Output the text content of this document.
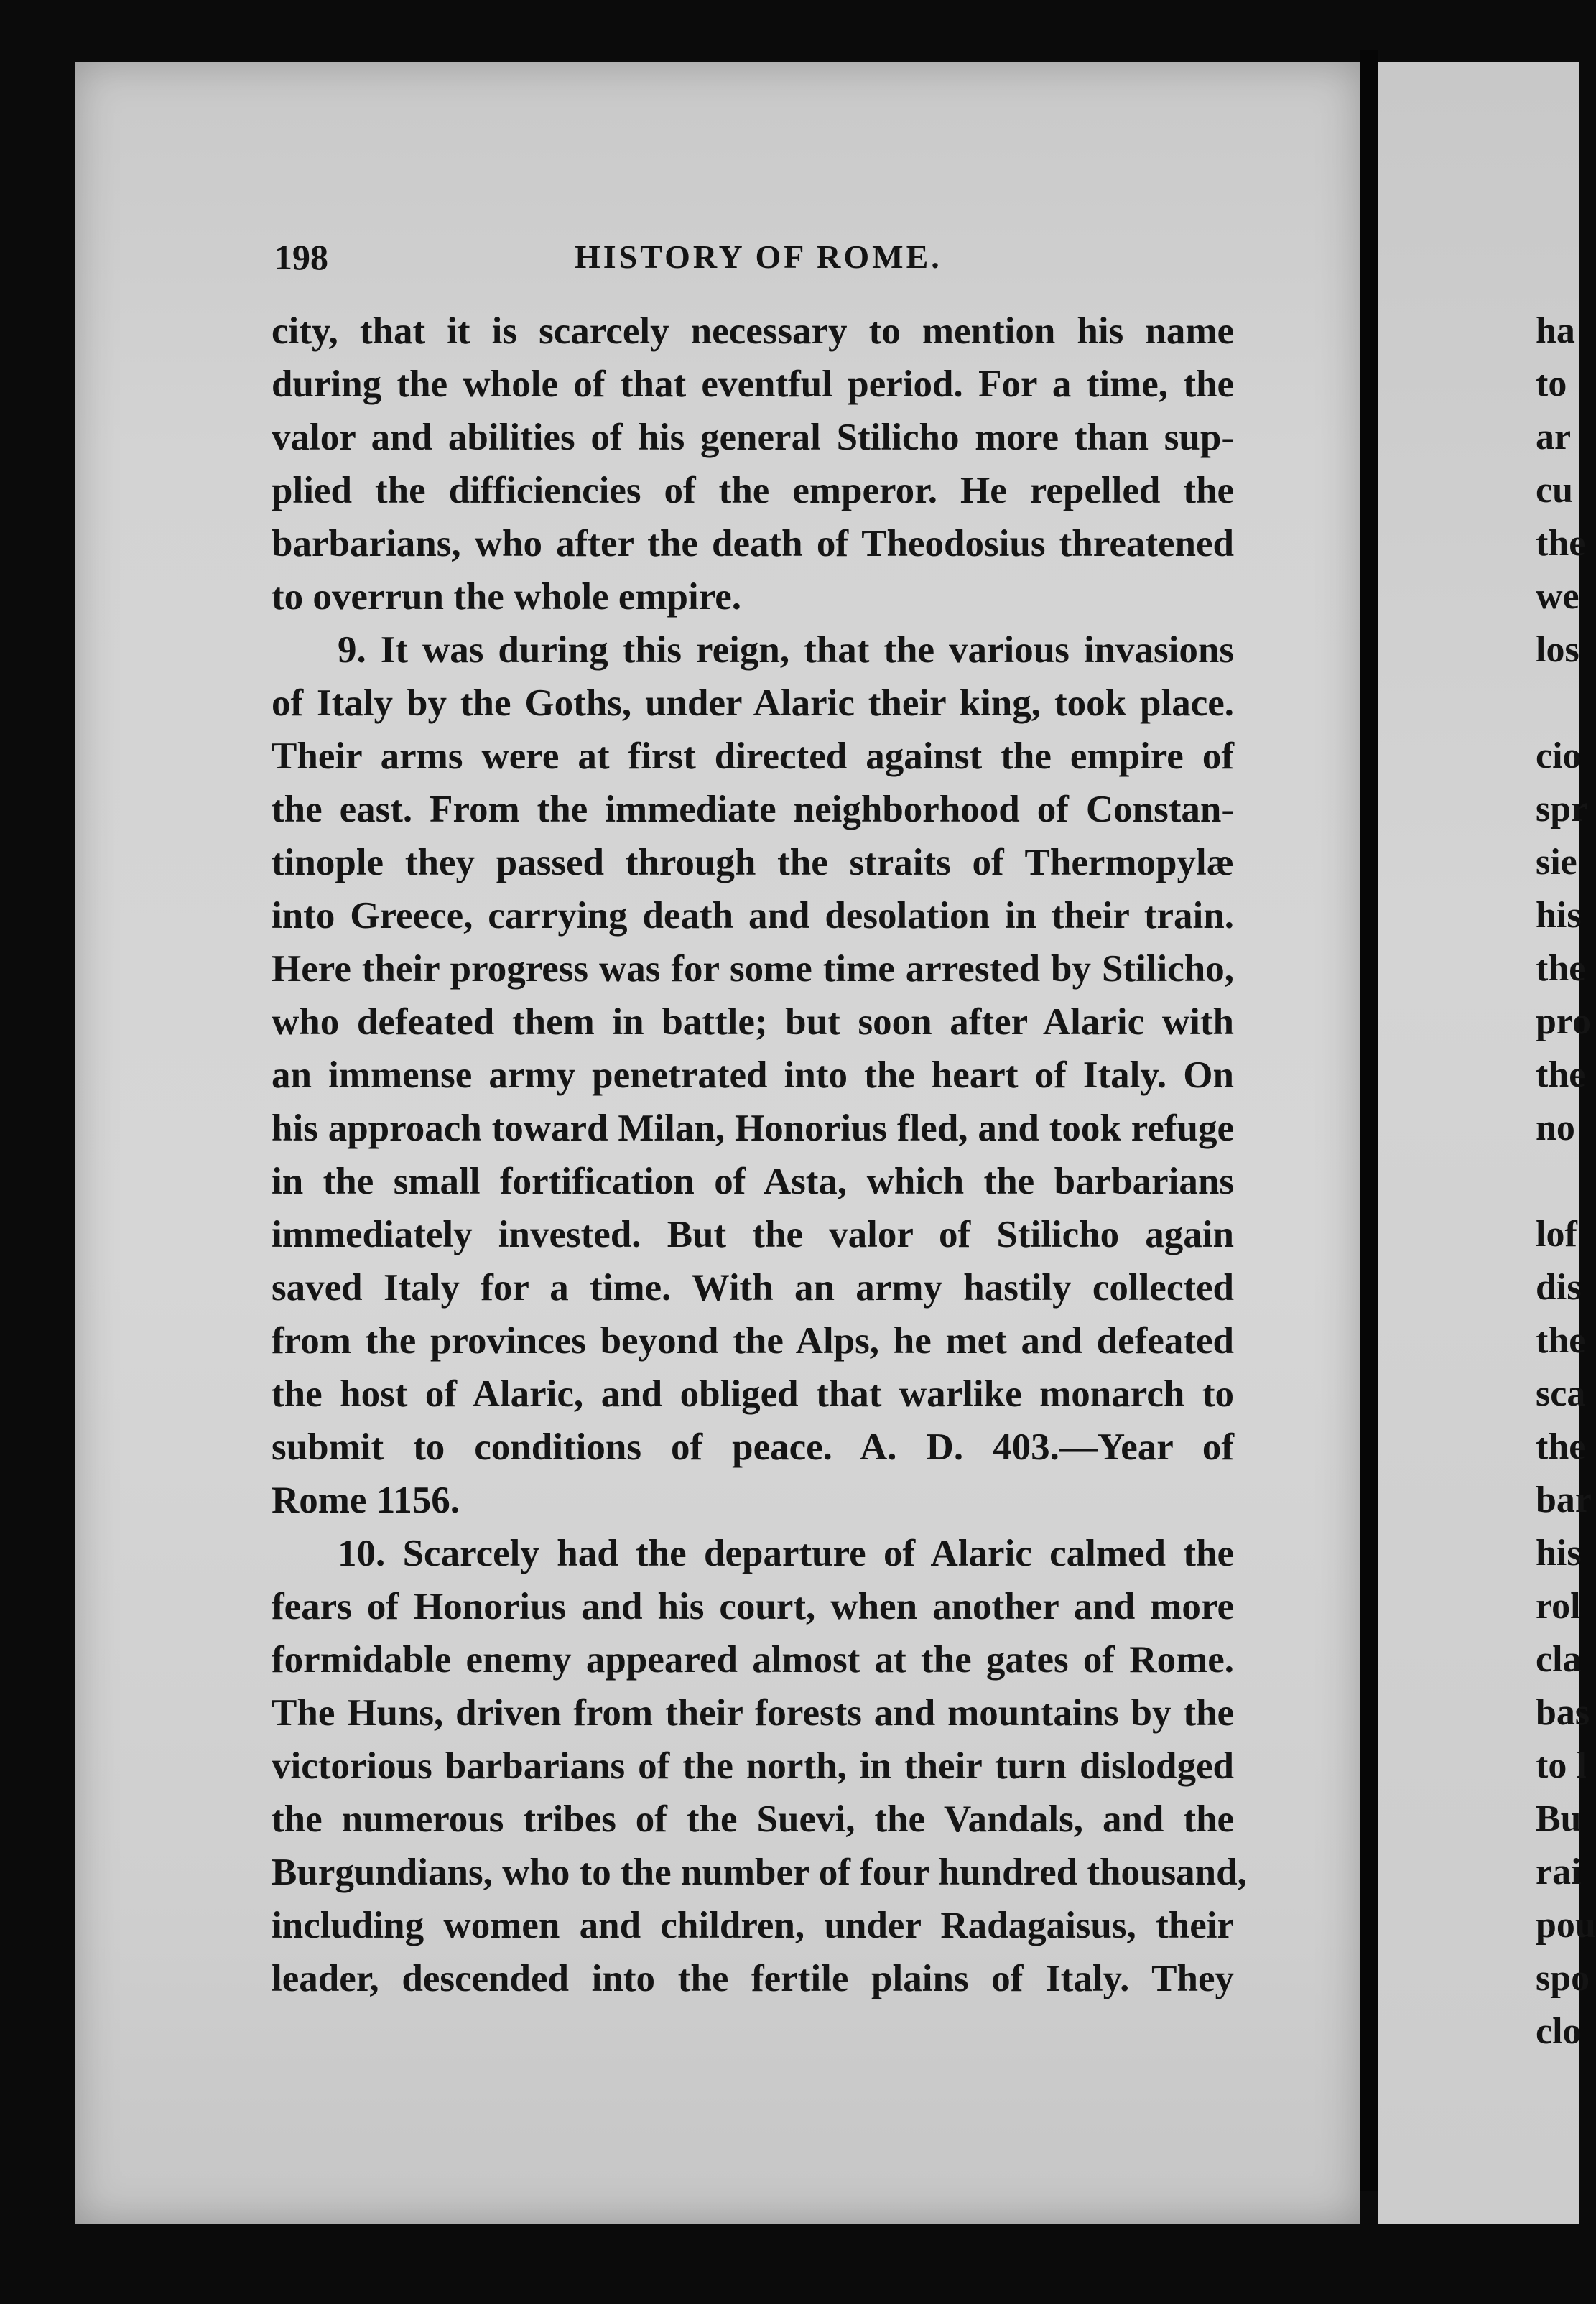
198	HISTORY OF ROME.
city, that it is scarcely necessary to mention his name
during the whole of that eventful period. For a time, the
valor and abilities of his general Stilicho more than sup-
plied the difficiencies of the emperor. He repelled the
barbarians, who after the death of Theodosius threatened
to overrun the whole empire.
9. It was during this reign, that the various invasions
of Italy by the Goths, under Alaric their king, took place.
Their arms were at first directed against the empire of
the east. From the immediate neighborhood of Constan-
tinople they passed through the straits of Thermopylæ
into Greece, carrying death and desolation in their train.
Here their progress was for some time arrested by Stilicho,
who defeated them in battle; but soon after Alaric with
an immense army penetrated into the heart of Italy. On
his approach toward Milan, Honorius fled, and took refuge
in the small fortification of Asta, which the barbarians
immediately invested. But the valor of Stilicho again
saved Italy for a time. With an army hastily collected
from the provinces beyond the Alps, he met and defeated
the host of Alaric, and obliged that warlike monarch to
submit to conditions of peace. A. D. 403.—Year of
Rome 1156.
10. Scarcely had the departure of Alaric calmed the
fears of Honorius and his court, when another and more
formidable enemy appeared almost at the gates of Rome.
The Huns, driven from their forests and mountains by the
victorious barbarians of the north, in their turn dislodged
the numerous tribes of the Suevi, the Vandals, and the
Burgundians, who to the number of four hundred thousand,
including women and children, under Radagaisus, their
leader, descended into the fertile plains of Italy. They
ha
to
ar
cu
the
we
los
cio
spr
sie
his
the
pro
the
no
lof
dis
the
sca
the
bar
his
rol
cla
bas
to l
Bu
rai
pou
spo
clo
